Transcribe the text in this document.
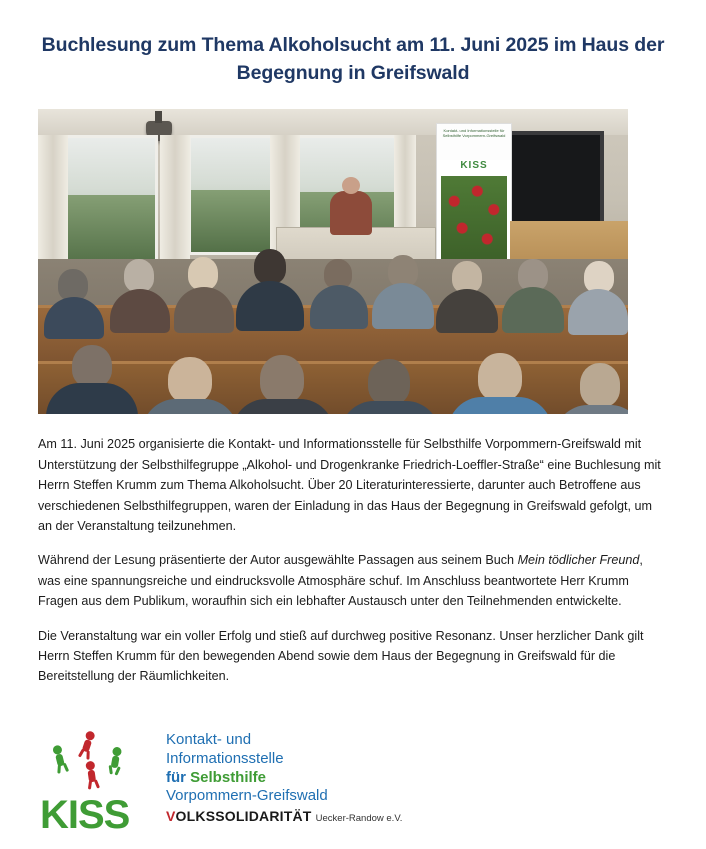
Buchlesung zum Thema Alkoholsucht am 11. Juni 2025 im Haus der Begegnung in Greifswald
Kontakt- und Informationsstelle für Selbsthilfe Vorpommern-Greifswald
KISS

Am 11. Juni 2025 organisierte die Kontakt- und Informationsstelle für Selbsthilfe Vorpommern-Greifswald mit Unterstützung der Selbsthilfegruppe „Alkohol- und Drogenkranke Friedrich-Loeffler-Straße“ eine Buchlesung mit Herrn Steffen Krumm zum Thema Alkoholsucht. Über 20 Literaturinteressierte, darunter auch Betroffene aus verschiedenen Selbsthilfegruppen, waren der Einladung in das Haus der Begegnung in Greifswald gefolgt, um an der Veranstaltung teilzunehmen.

Während der Lesung präsentierte der Autor ausgewählte Passagen aus seinem Buch Mein tödlicher Freund, was eine spannungsreiche und eindrucksvolle Atmosphäre schuf. Im Anschluss beantwortete Herr Krumm Fragen aus dem Publikum, woraufhin sich ein lebhafter Austausch unter den Teilnehmenden entwickelte.

Die Veranstaltung war ein voller Erfolg und stieß auf durchweg positive Resonanz. Unser herzlicher Dank gilt Herrn Steffen Krumm für den bewegenden Abend sowie dem Haus der Begegnung in Greifswald für die Bereitstellung der Räumlichkeiten.

KISS
Kontakt- und
Informationsstelle
für Selbsthilfe
Vorpommern-Greifswald
VOLKSSOLIDARITÄT Uecker-Randow e.V.
